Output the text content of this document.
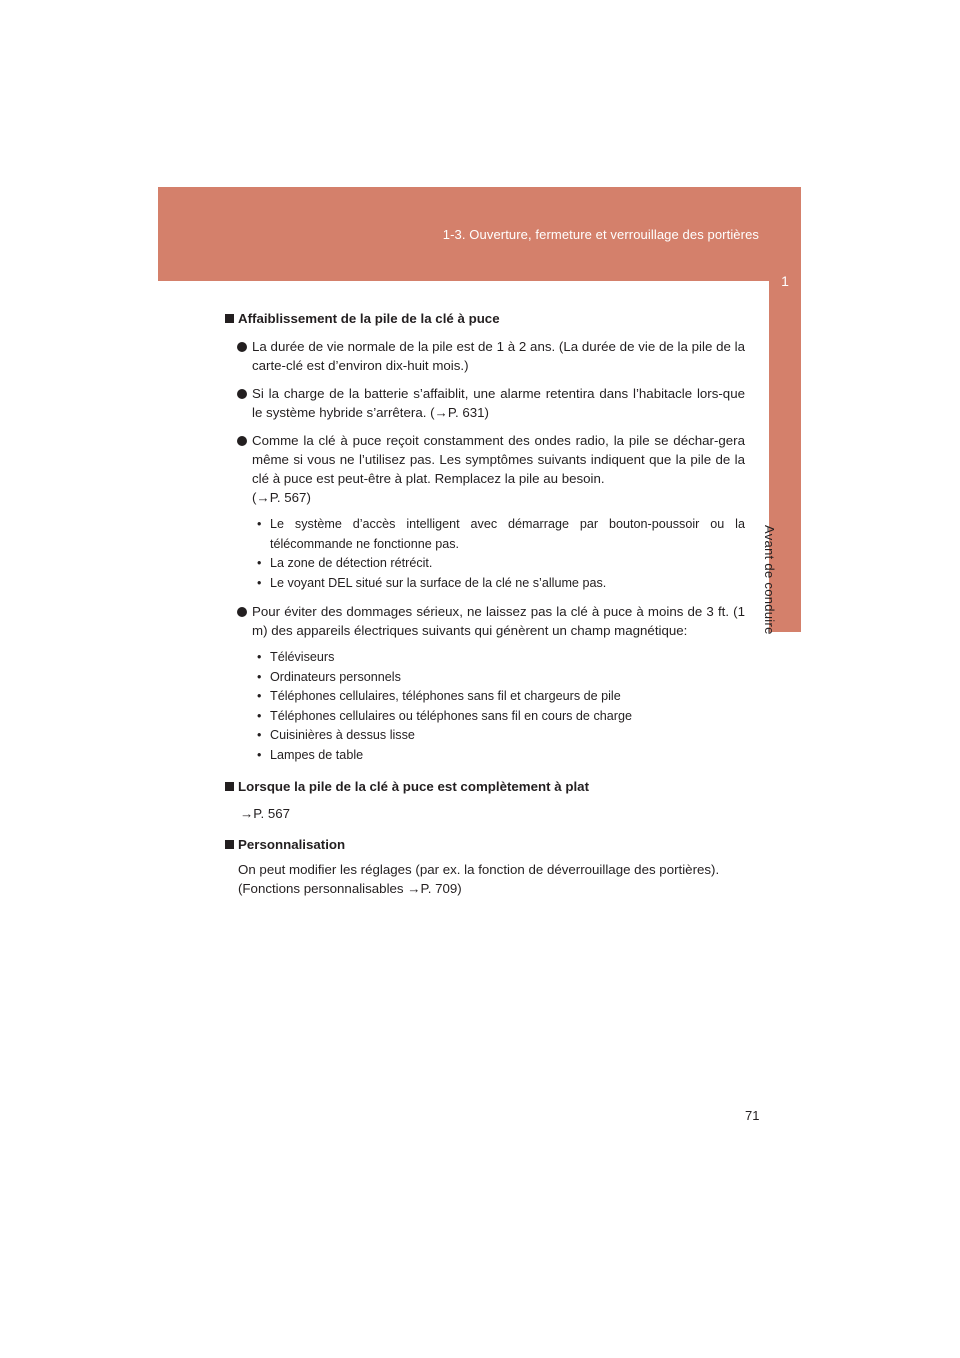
1-3. Ouverture, fermeture et verrouillage des portières
1
Avant de conduire
Affaiblissement de la pile de la clé à puce
La durée de vie normale de la pile est de 1 à 2 ans. (La durée de vie de la pile de la carte-clé est d’environ dix-huit mois.)
Si la charge de la batterie s’affaiblit, une alarme retentira dans l’habitacle lors-que le système hybride s’arrêtera. (→P. 631)
Comme la clé à puce reçoit constamment des ondes radio, la pile se déchar-gera même si vous ne l’utilisez pas. Les symptômes suivants indiquent que la pile de la clé à puce est peut-être à plat. Remplacez la pile au besoin.
(→P. 567)
• Le système d’accès intelligent avec démarrage par bouton-poussoir ou la télécommande ne fonctionne pas.
• La zone de détection rétrécit.
• Le voyant DEL situé sur la surface de la clé ne s’allume pas.
Pour éviter des dommages sérieux, ne laissez pas la clé à puce à moins de 3 ft. (1 m) des appareils électriques suivants qui génèrent un champ magnétique:
• Téléviseurs
• Ordinateurs personnels
• Téléphones cellulaires, téléphones sans fil et chargeurs de pile
• Téléphones cellulaires ou téléphones sans fil en cours de charge
• Cuisinières à dessus lisse
• Lampes de table
Lorsque la pile de la clé à puce est complètement à plat
→P. 567
Personnalisation
On peut modifier les réglages (par ex. la fonction de déverrouillage des portières). (Fonctions personnalisables →P. 709)
71
